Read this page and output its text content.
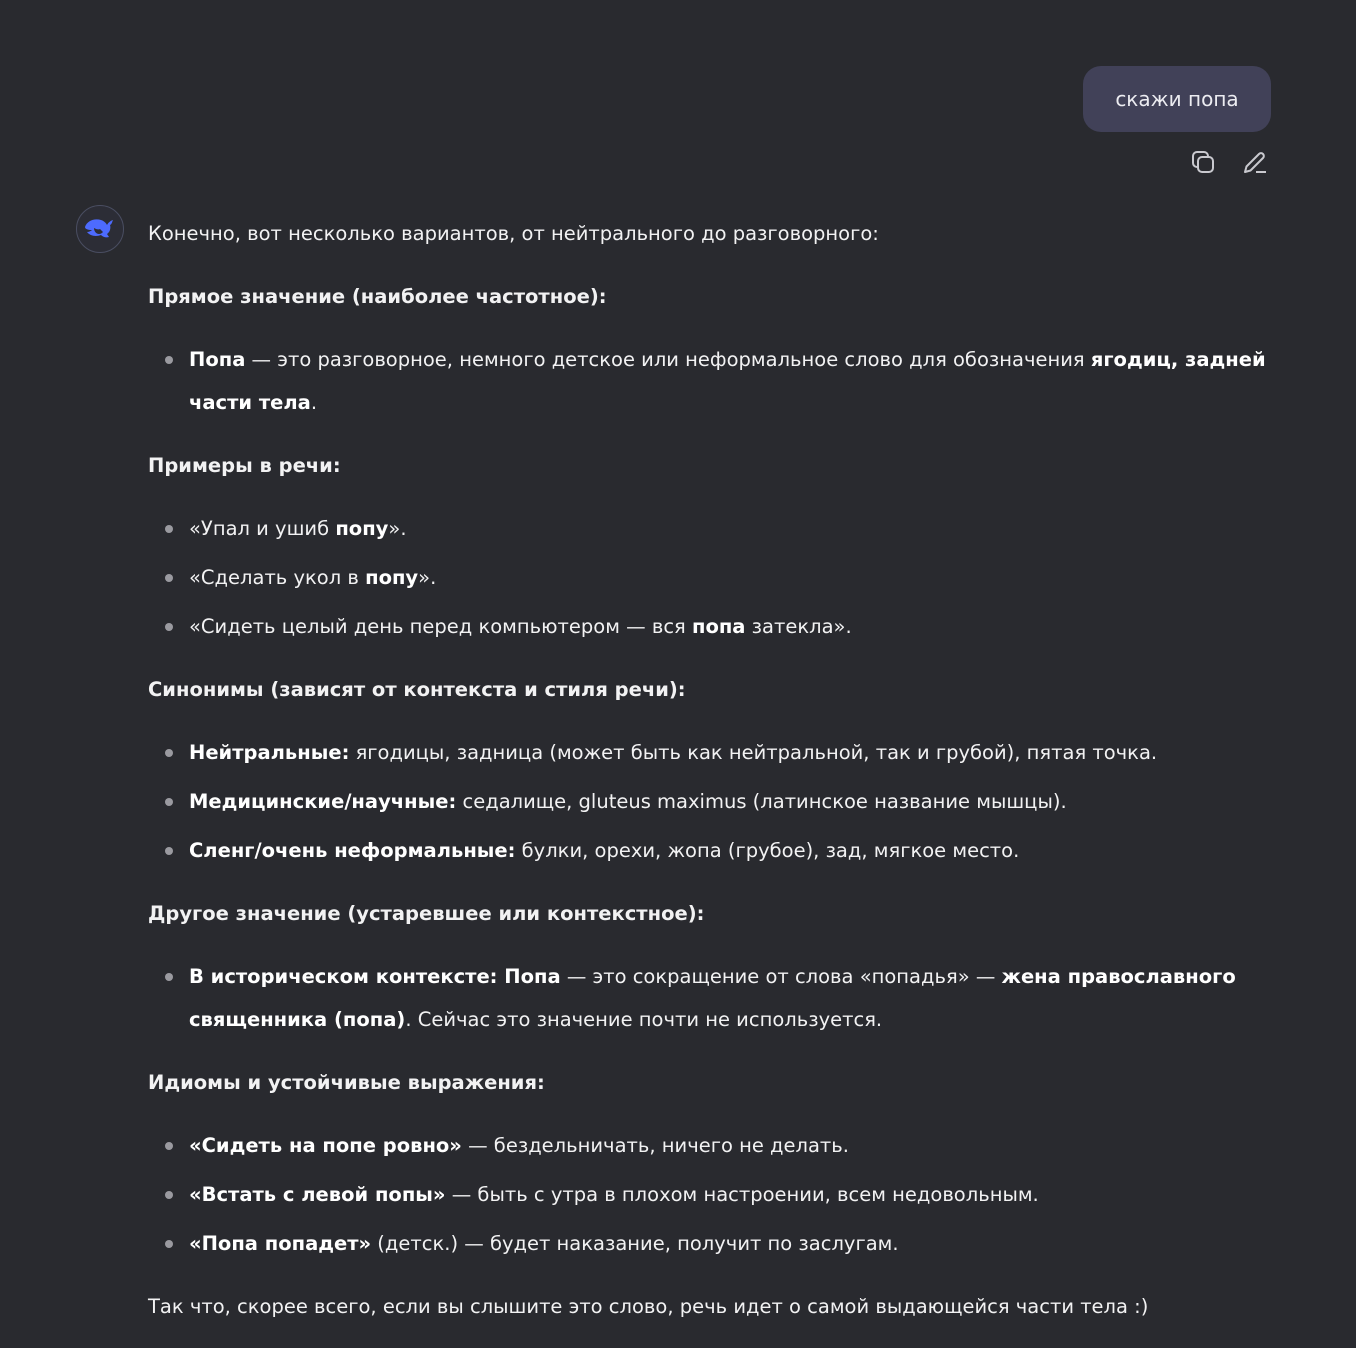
скажи попа

Конечно, вот несколько вариантов, от нейтрального до разговорного:

Прямое значение (наиболее частотное):

Попа — это разговорное, немного детское или неформальное слово для обозначения ягодиц, задней части тела.

Примеры в речи:

«Упал и ушиб попу».
«Сделать укол в попу».
«Сидеть целый день перед компьютером — вся попа затекла».

Синонимы (зависят от контекста и стиля речи):

Нейтральные: ягодицы, задница (может быть как нейтральной, так и грубой), пятая точка.
Медицинские/научные: седалище, gluteus maximus (латинское название мышцы).
Сленг/очень неформальные: булки, орехи, жопа (грубое), зад, мягкое место.

Другое значение (устаревшее или контекстное):

В историческом контексте: Попа — это сокращение от слова «попадья» — жена православного священника (попа). Сейчас это значение почти не используется.

Идиомы и устойчивые выражения:

«Сидеть на попе ровно» — бездельничать, ничего не делать.
«Встать с левой попы» — быть с утра в плохом настроении, всем недовольным.
«Попа попадет» (детск.) — будет наказание, получит по заслугам.

Так что, скорее всего, если вы слышите это слово, речь идет о самой выдающейся части тела :)
